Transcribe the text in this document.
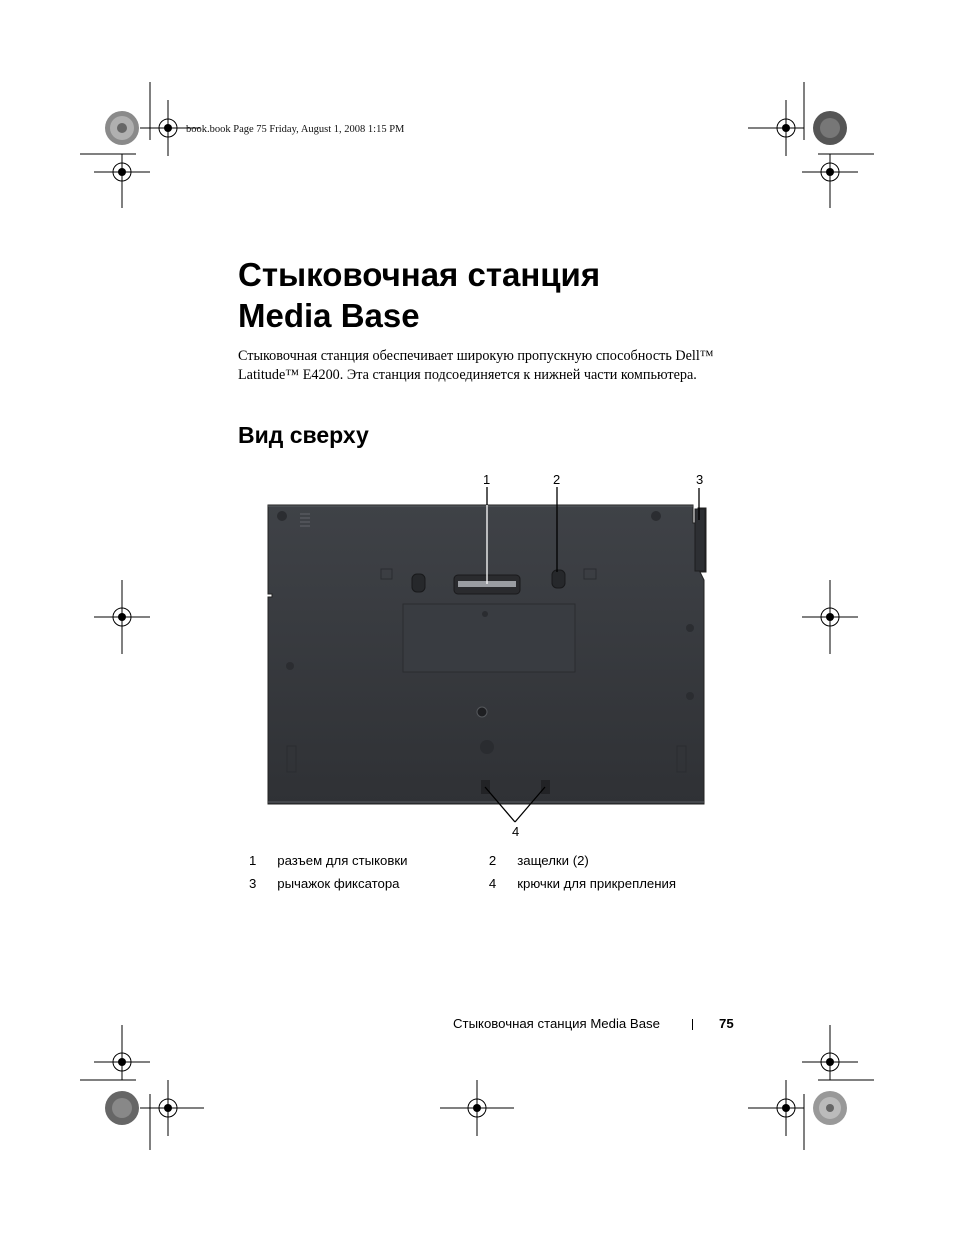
book.book Page 75 Friday, August 1, 2008 1:15 PM
Стыковочная станция
Media Base

Стыковочная станция обеспечивает широкую пропускную способность Dell™ Latitude™ E4200. Эта станция подсоединяется к нижней части компьютера.

Вид сверху
1	2	3
4
1	разъем для стыковки	2	защелки (2)
3	рычажок фиксатора	4	крючки для прикрепления
Стыковочная станция Media Base	75
